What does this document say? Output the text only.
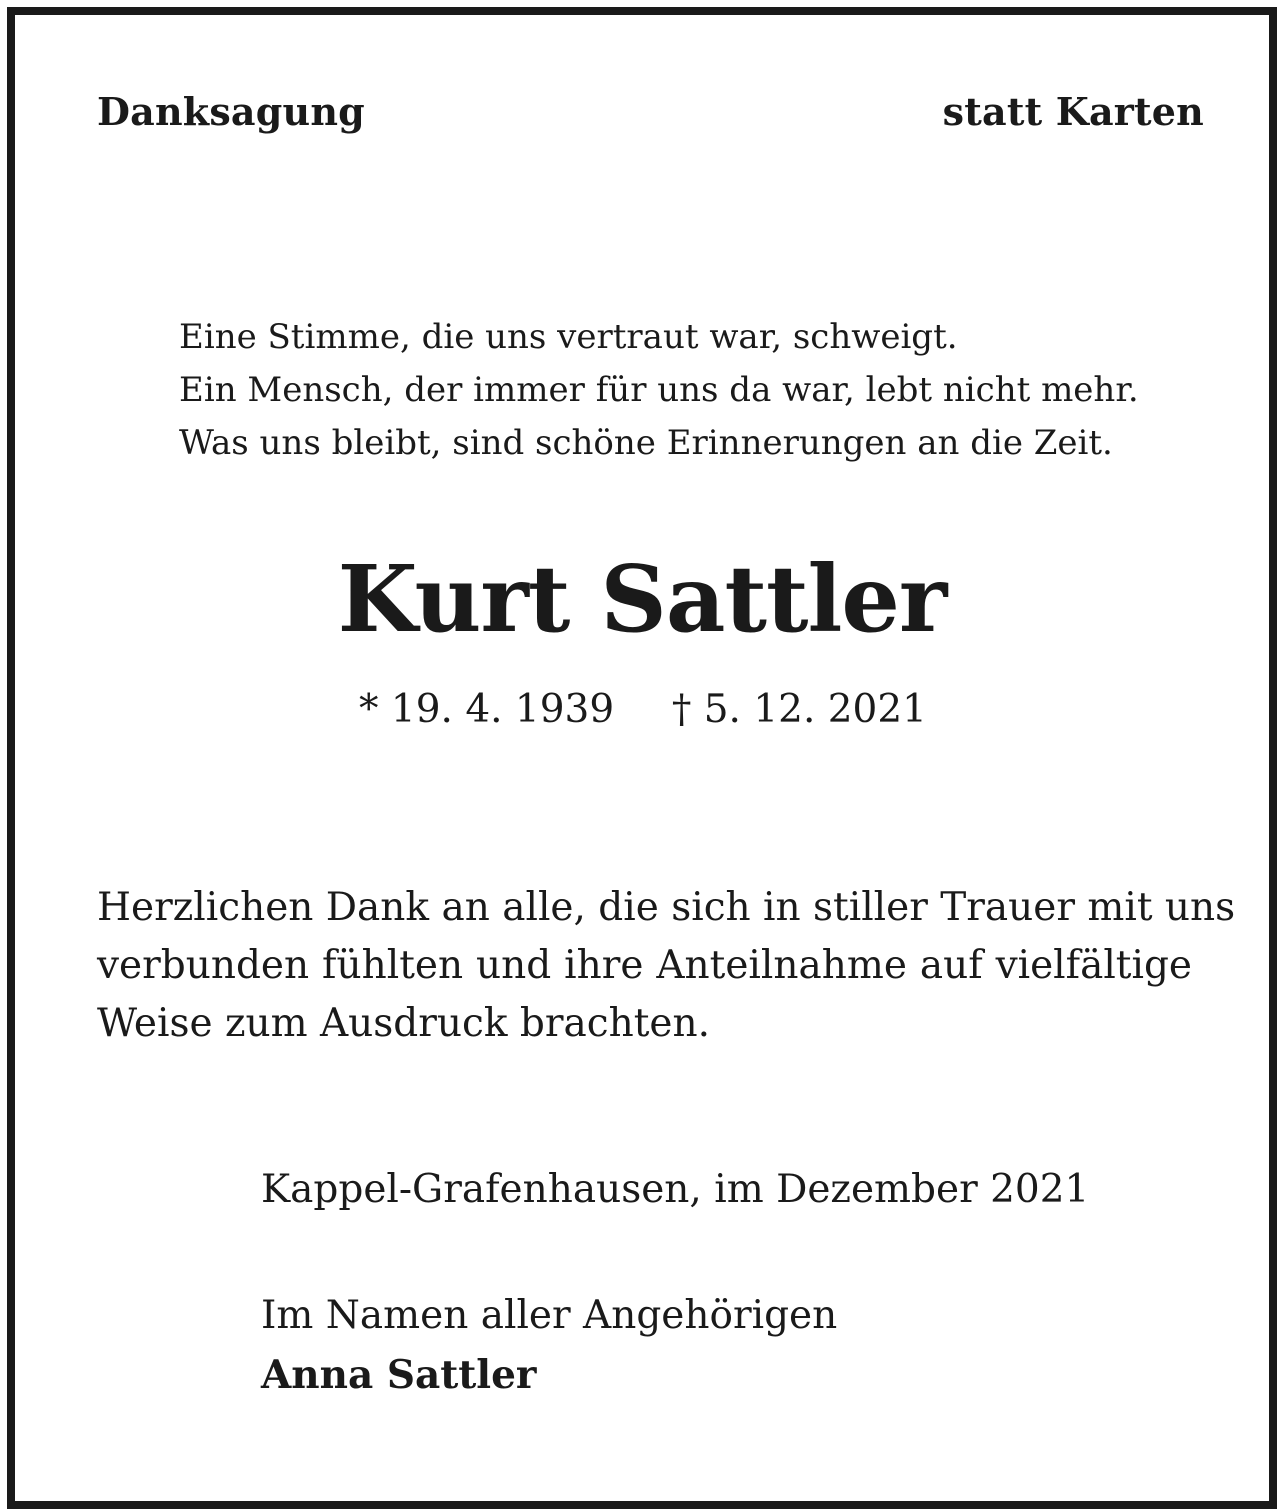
Danksagung	statt Karten
Eine Stimme, die uns vertraut war, schweigt.
Ein Mensch, der immer für uns da war, lebt nicht mehr.
Was uns bleibt, sind schöne Erinnerungen an die Zeit.
Kurt Sattler
* 19. 4. 1939 † 5. 12. 2021
Herzlichen Dank an alle, die sich in stiller Trauer mit uns
verbunden fühlten und ihre Anteilnahme auf vielfältige
Weise zum Ausdruck brachten.
Kappel-Grafenhausen, im Dezember 2021
Im Namen aller Angehörigen
Anna Sattler
